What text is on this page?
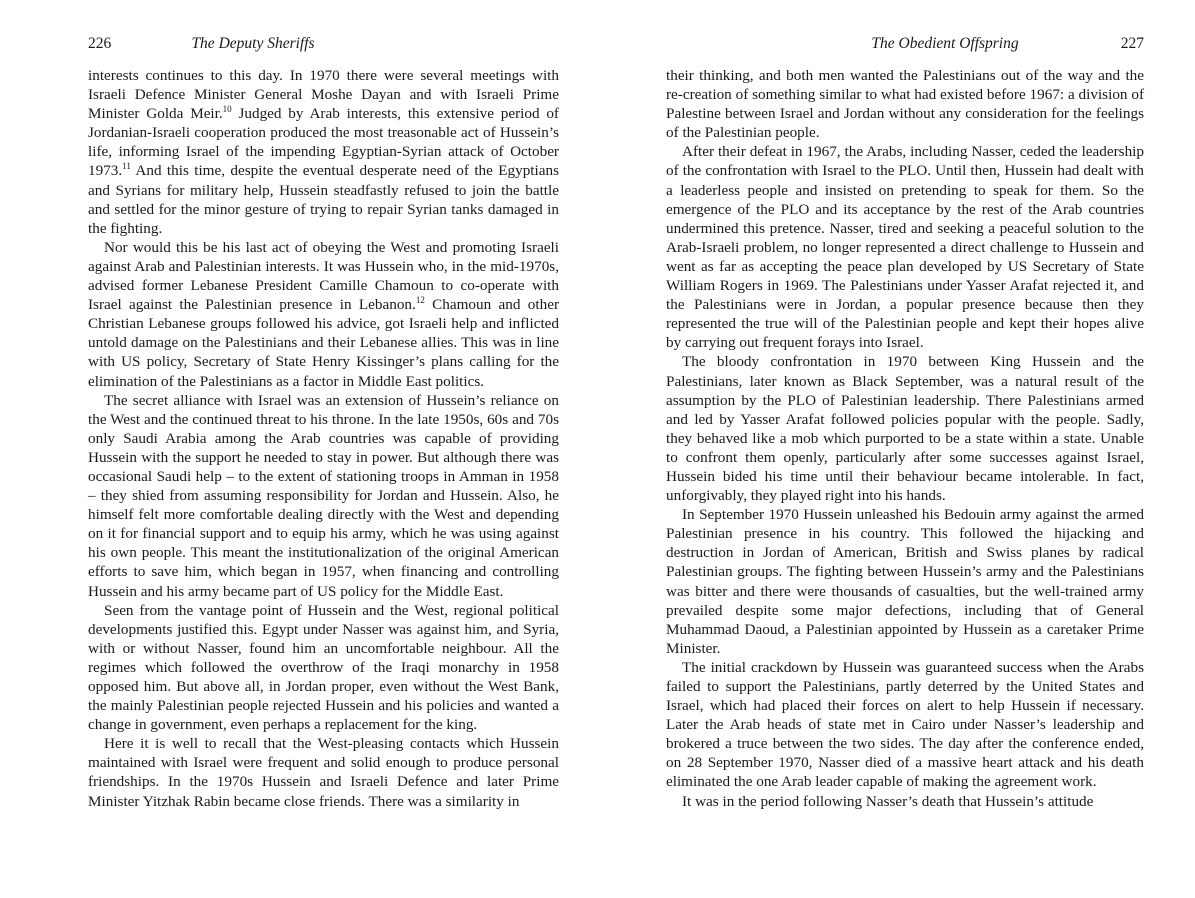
226	The Deputy Sheriffs

interests continues to this day. In 1970 there were several meetings with Israeli Defence Minister General Moshe Dayan and with Israeli Prime Minister Golda Meir.$^{10}$ Judged by Arab interests, this extensive period of Jordanian-Israeli cooperation produced the most treasonable act of Hussein’s life, informing Israel of the impending Egyptian-Syrian attack of October 1973.11 And this time, despite the eventual desperate need of the Egyptians and Syrians for military help, Hussein steadfastly refused to join the battle and settled for the minor gesture of trying to repair Syrian tanks damaged in the fighting.

Nor would this be his last act of obeying the West and promoting Israeli against Arab and Palestinian interests. It was Hussein who, in the mid-1970s, advised former Lebanese President Camille Chamoun to co-operate with Israel against the Palestinian presence in Lebanon.$^{12}$ Chamoun and other Christian Lebanese groups followed his advice, got Israeli help and inflicted untold damage on the Palestinians and their Lebanese allies. This was in line with US policy, Secretary of State Henry Kissinger’s plans calling for the elimination of the Palestinians as a factor in Middle East politics.

The secret alliance with Israel was an extension of Hussein’s reliance on the West and the continued threat to his throne. In the late 1950s, 60s and 70s only Saudi Arabia among the Arab countries was capable of providing Hussein with the support he needed to stay in power. But although there was occasional Saudi help – to the extent of stationing troops in Amman in 1958 – they shied from assuming responsibility for Jordan and Hussein. Also, he himself felt more comfortable dealing directly with the West and depending on it for financial support and to equip his army, which he was using against his own people. This meant the institutionalization of the original American efforts to save him, which began in 1957, when financing and controlling Hussein and his army became part of US policy for the Middle East.

Seen from the vantage point of Hussein and the West, regional political developments justified this. Egypt under Nasser was against him, and Syria, with or without Nasser, found him an uncomfortable neighbour. All the regimes which followed the overthrow of the Iraqi monarchy in 1958 opposed him. But above all, in Jordan proper, even without the West Bank, the mainly Palestinian people rejected Hussein and his policies and wanted a change in government, even perhaps a replacement for the king.

Here it is well to recall that the West-pleasing contacts which Hussein maintained with Israel were frequent and solid enough to produce personal friendships. In the 1970s Hussein and Israeli Defence and later Prime Minister Yitzhak Rabin became close friends. There was a similarity in

The Obedient Offspring	227

their thinking, and both men wanted the Palestinians out of the way and the re-creation of something similar to what had existed before 1967: a division of Palestine between Israel and Jordan without any consideration for the feelings of the Palestinian people.

After their defeat in 1967, the Arabs, including Nasser, ceded the leadership of the confrontation with Israel to the PLO. Until then, Hussein had dealt with a leaderless people and insisted on pretending to speak for them. So the emergence of the PLO and its acceptance by the rest of the Arab countries undermined this pretence. Nasser, tired and seeking a peaceful solution to the Arab-Israeli problem, no longer represented a direct challenge to Hussein and went as far as accepting the peace plan developed by US Secretary of State William Rogers in 1969. The Palestinians under Yasser Arafat rejected it, and the Palestinians were in Jordan, a popular presence because then they represented the true will of the Palestinian people and kept their hopes alive by carrying out frequent forays into Israel.

The bloody confrontation in 1970 between King Hussein and the Palestinians, later known as Black September, was a natural result of the assumption by the PLO of Palestinian leadership. There Palestinians armed and led by Yasser Arafat followed policies popular with the people. Sadly, they behaved like a mob which purported to be a state within a state. Unable to confront them openly, particularly after some successes against Israel, Hussein bided his time until their behaviour became intolerable. In fact, unforgivably, they played right into his hands.

In September 1970 Hussein unleashed his Bedouin army against the armed Palestinian presence in his country. This followed the hijacking and destruction in Jordan of American, British and Swiss planes by radical Palestinian groups. The fighting between Hussein’s army and the Palestinians was bitter and there were thousands of casualties, but the well-trained army prevailed despite some major defections, including that of General Muhammad Daoud, a Palestinian appointed by Hussein as a caretaker Prime Minister.

The initial crackdown by Hussein was guaranteed success when the Arabs failed to support the Palestinians, partly deterred by the United States and Israel, which had placed their forces on alert to help Hussein if necessary. Later the Arab heads of state met in Cairo under Nasser’s leadership and brokered a truce between the two sides. The day after the conference ended, on 28 September 1970, Nasser died of a massive heart attack and his death eliminated the one Arab leader capable of making the agreement work.

It was in the period following Nasser’s death that Hussein’s attitude
